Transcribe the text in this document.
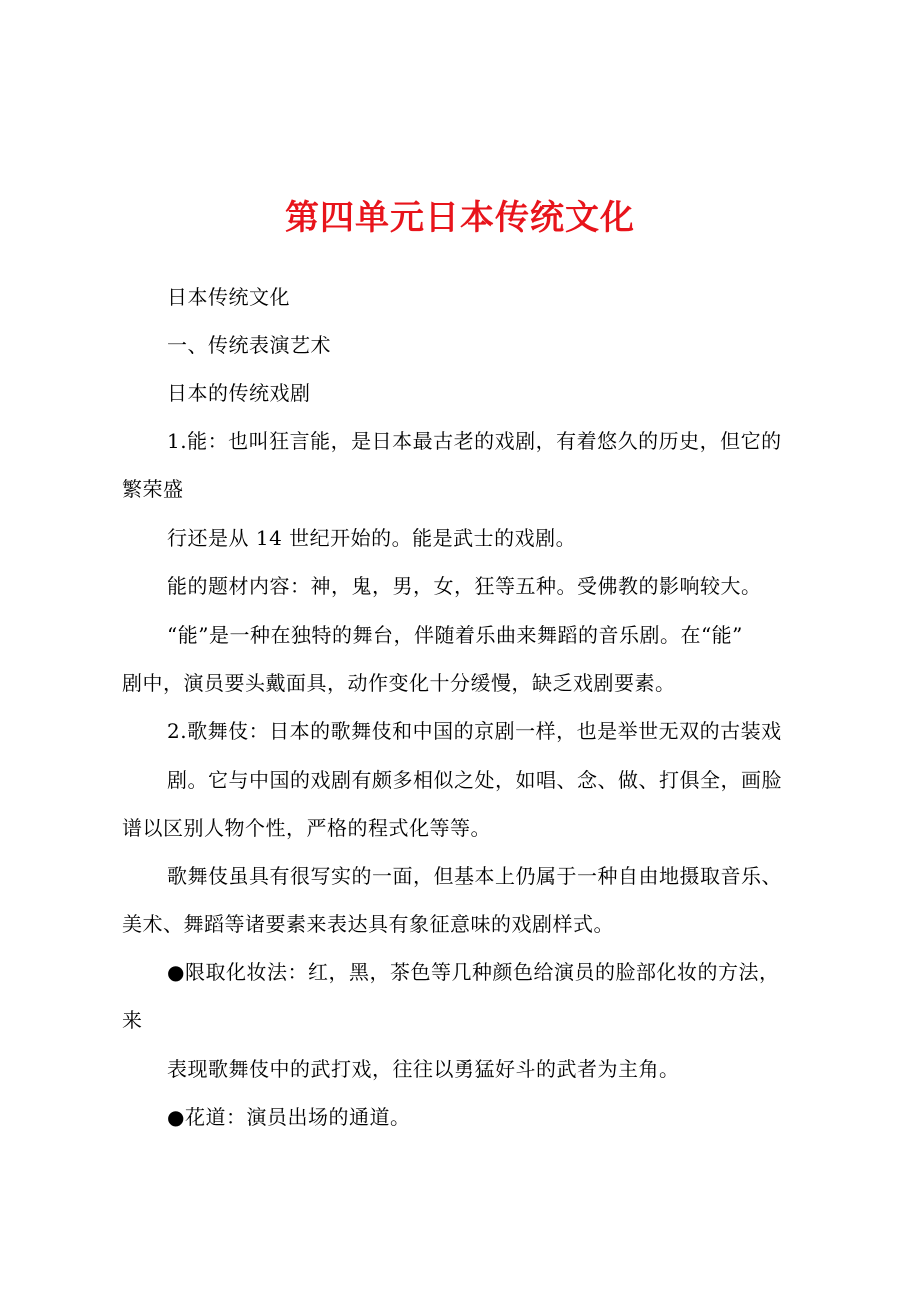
第四单元日本传统文化
日本传统文化
一、传统表演艺术
日本的传统戏剧
1.能：也叫狂言能，是日本最古老的戏剧，有着悠久的历史，但它的
繁荣盛
行还是从 14 世纪开始的。能是武士的戏剧。
能的题材内容：神，鬼，男，女，狂等五种。受佛教的影响较大。
“能”是一种在独特的舞台，伴随着乐曲来舞蹈的音乐剧。在“能”
剧中，演员要头戴面具，动作变化十分缓慢，缺乏戏剧要素。
2.歌舞伎：日本的歌舞伎和中国的京剧一样，也是举世无双的古装戏
剧。它与中国的戏剧有颇多相似之处，如唱、念、做、打俱全，画脸
谱以区别人物个性，严格的程式化等等。
歌舞伎虽具有很写实的一面，但基本上仍属于一种自由地摄取音乐、
美术、舞蹈等诸要素来表达具有象征意味的戏剧样式。
●限取化妆法：红，黑，茶色等几种颜色给演员的脸部化妆的方法，
来
表现歌舞伎中的武打戏，往往以勇猛好斗的武者为主角。
●花道：演员出场的通道。
